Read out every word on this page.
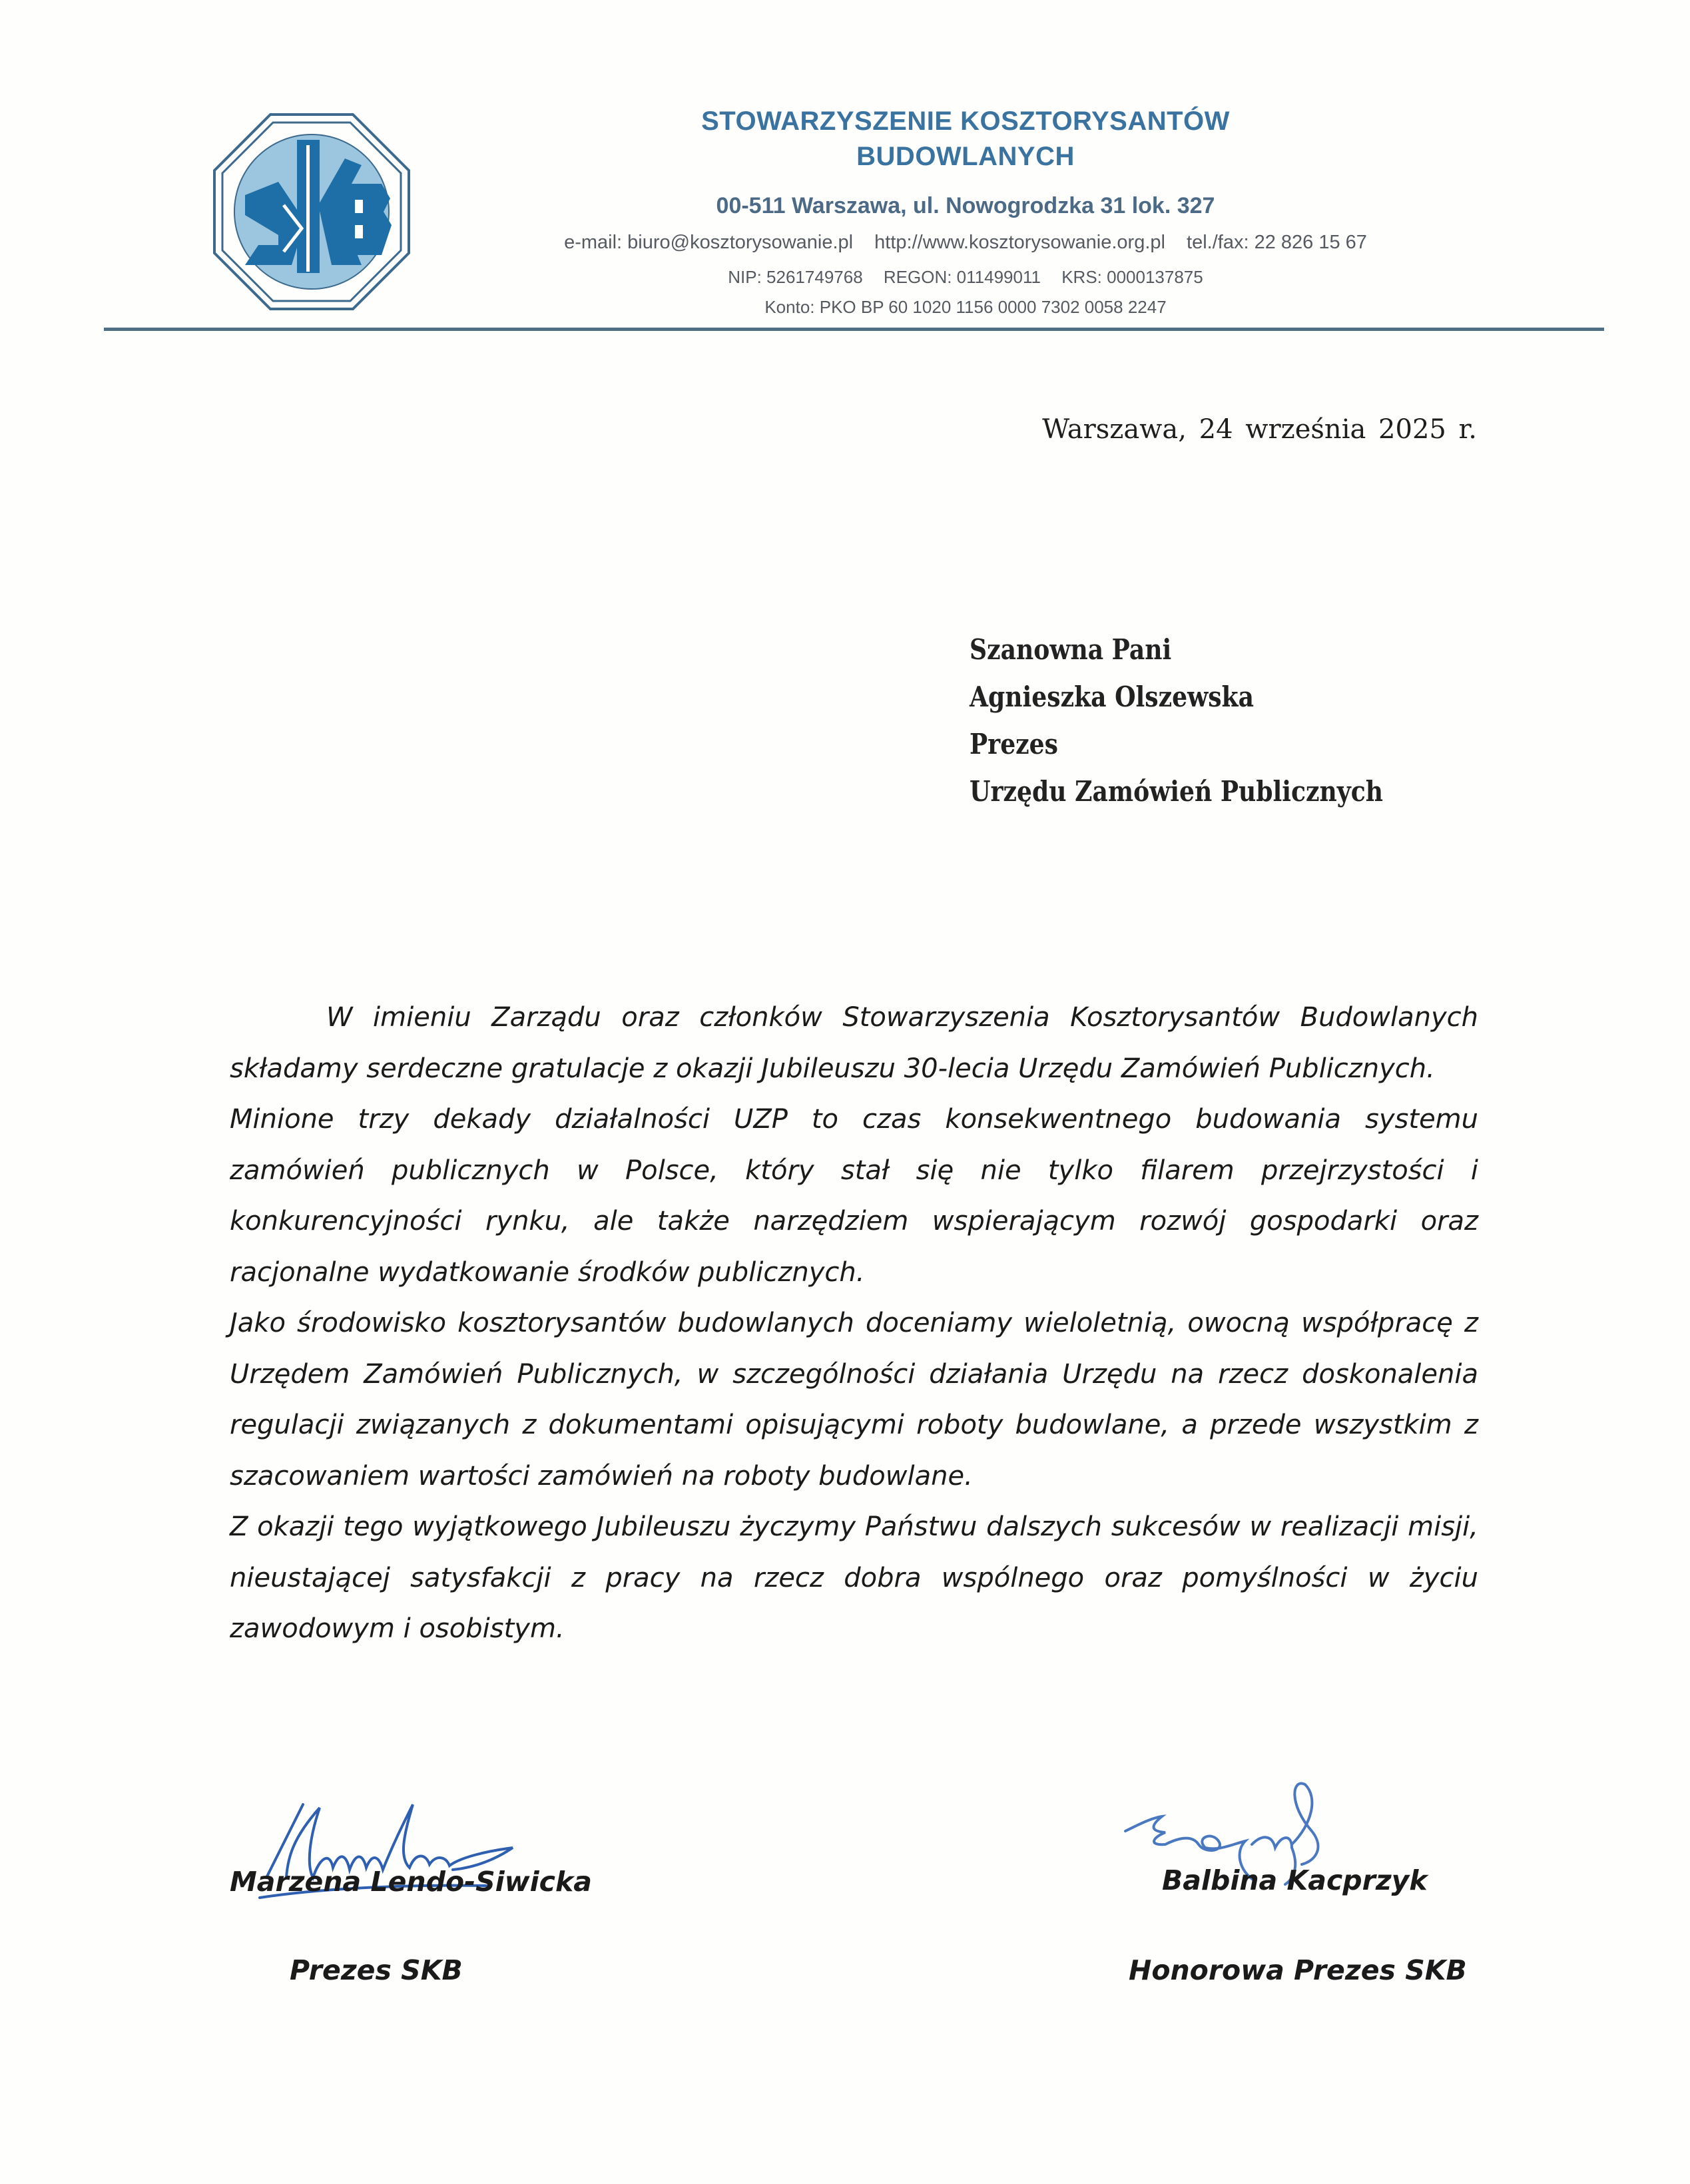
STOWARZYSZENIE KOSZTORYSANTÓW
BUDOWLANYCH
00-511 Warszawa, ul. Nowogrodzka 31 lok. 327
e-mail: biuro@kosztorysowanie.pl http://www.kosztorysowanie.org.pl tel./fax: 22 826 15 67
NIP: 5261749768 REGON: 011499011 KRS: 0000137875
Konto: PKO BP 60 1020 1156 0000 7302 0058 2247
Warszawa, 24 września 2025 r.
Szanowna Pani
Agnieszka Olszewska
Prezes
Urzędu Zamówień Publicznych

W imieniu Zarządu oraz członków Stowarzyszenia Kosztorysantów Budowlanych składamy serdeczne gratulacje z okazji Jubileuszu 30-lecia Urzędu Zamówień Publicznych.

Minione trzy dekady działalności UZP to czas konsekwentnego budowania systemu zamówień publicznych w Polsce, który stał się nie tylko filarem przejrzystości i konkurencyjności rynku, ale także narzędziem wspierającym rozwój gospodarki oraz racjonalne wydatkowanie środków publicznych.

Jako środowisko kosztorysantów budowlanych doceniamy wieloletnią, owocną współpracę z Urzędem Zamówień Publicznych, w szczególności działania Urzędu na rzecz doskonalenia regulacji związanych z dokumentami opisującymi roboty budowlane, a przede wszystkim z szacowaniem wartości zamówień na roboty budowlane.

Z okazji tego wyjątkowego Jubileuszu życzymy Państwu dalszych sukcesów w realizacji misji, nieustającej satysfakcji z pracy na rzecz dobra wspólnego oraz pomyślności w życiu zawodowym i osobistym.

Marzena Lendo-Siwicka
Prezes SKB
Balbina Kacprzyk
Honorowa Prezes SKB
